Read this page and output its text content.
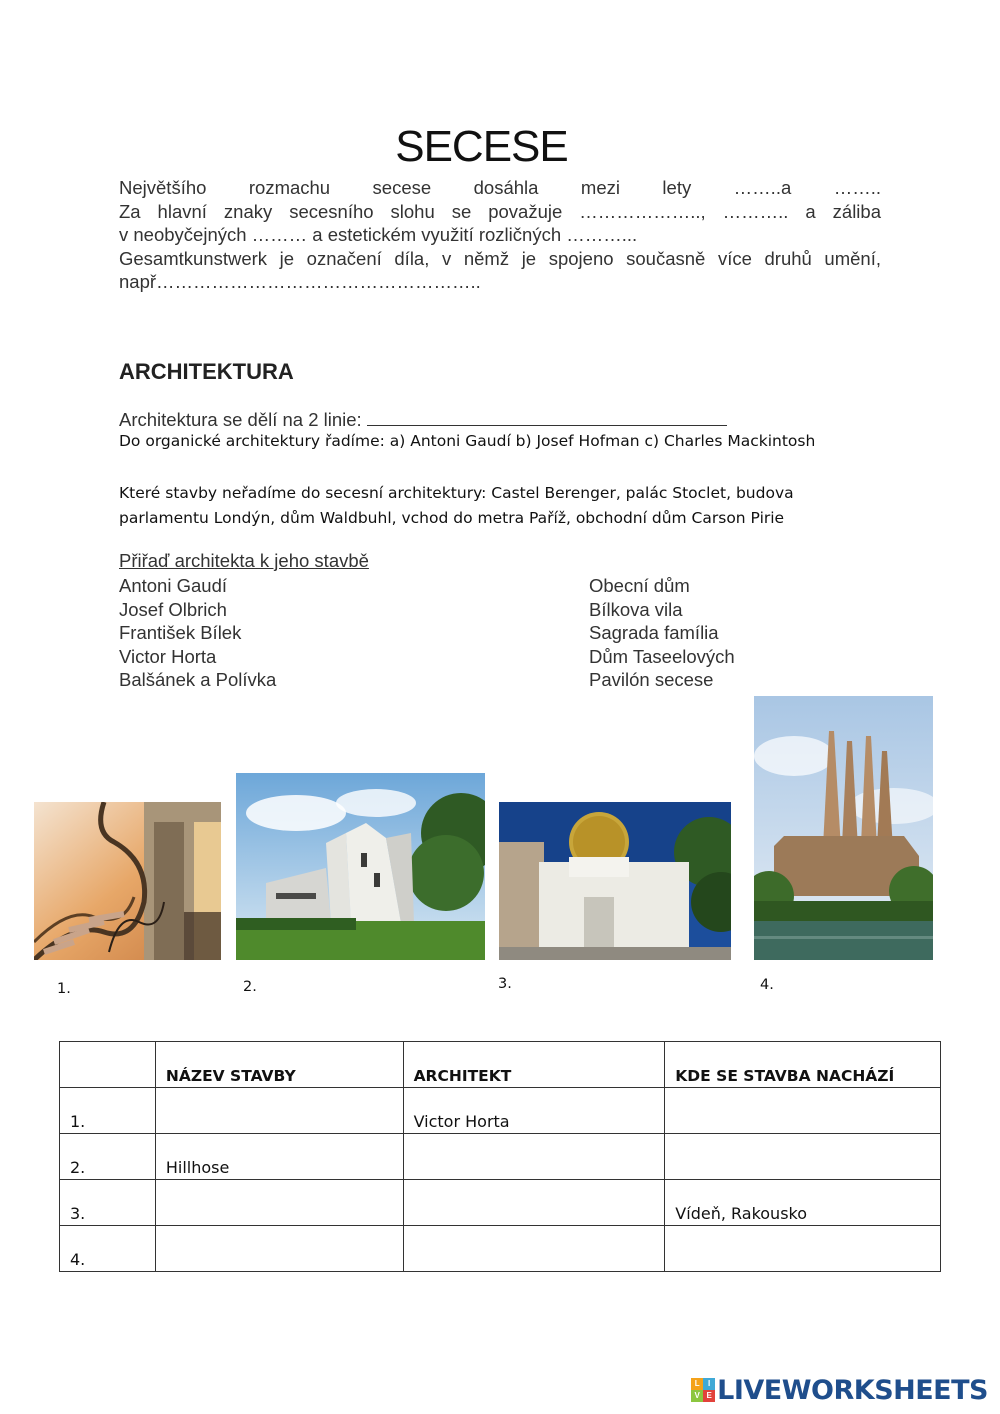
SECESE
Největšího rozmachu secese dosáhla mezi lety ……..a ……..
Za hlavní znaky secesního slohu se považuje ……………….., ……….. a záliba
v neobyčejných ……… a estetickém využití rozličných ………...
Gesamtkunstwerk je označení díla, v němž je spojeno současně více druhů umění,
např……………………………………………..
ARCHITEKTURA
Architektura se dělí na 2 linie:
Do organické architektury řadíme: a) Antoni Gaudí b) Josef Hofman c) Charles Mackintosh
Které stavby neřadíme do secesní architektury: Castel Berenger, palác Stoclet, budova
parlamentu Londýn, dům Waldbuhl, vchod do metra Paříž, obchodní dům Carson Pirie
Přiřaď architekta k jeho stavbě
Antoni Gaudí
Josef Olbrich
František Bílek
Victor Horta
Balšánek a Polívka
Obecní dům
Bílkova vila
Sagrada família
Dům Taseelových
Pavilón secese
1.	2.	3.	4.
	NÁZEV STAVBY	ARCHITEKT	KDE SE STAVBA NACHÁZÍ
1.		Victor Horta	
2.	Hillhose		
3.			Vídeň, Rakousko
4.			
L	I
V E LIVEWORKSHEETS
